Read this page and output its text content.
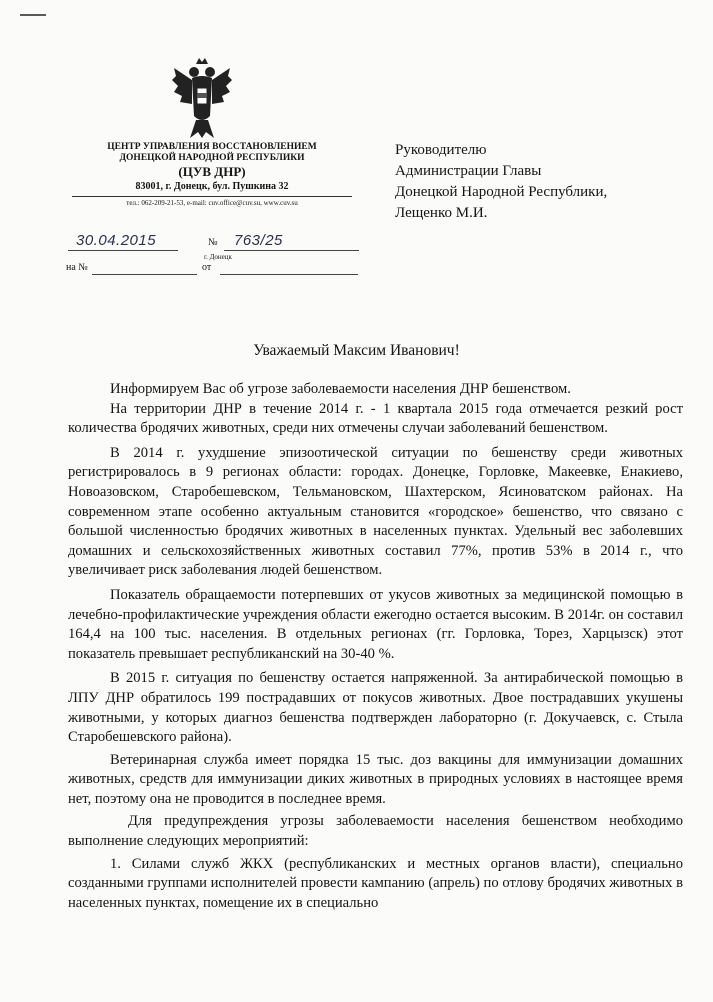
ЦЕНТР УПРАВЛЕНИЯ ВОССТАНОВЛЕНИЕМ
ДОНЕЦКОЙ НАРОДНОЙ РЕСПУБЛИКИ
(ЦУВ ДНР)
83001, г. Донецк, бул. Пушкина 32
тел.: 062-209-21-53, e-mail: cuv.office@cuv.su, www.cuv.su
30.04.2015	№ 763/25
г. Донецк
на №	от
Руководителю
Администрации Главы
Донецкой Народной Республики,
Лещенко М.И.
Уважаемый Максим Иванович!

Информируем Вас об угрозе заболеваемости населения ДНР бешенством.

На территории ДНР в течение 2014 г. - 1 квартала 2015 года отмечается резкий рост количества бродячих животных, среди них отмечены случаи заболеваний бешенством.

В 2014 г. ухудшение эпизоотической ситуации по бешенству среди животных регистрировалось в 9 регионах области: городах. Донецке, Горловке, Макеевке, Енакиево, Новоазовском, Старобешевском, Тельмановском, Шахтерском, Ясиноватском районах. На современном этапе особенно актуальным становится «городское» бешенство, что связано с большой численностью бродячих животных в населенных пунктах. Удельный вес заболевших домашних и сельскохозяйственных животных составил 77%, против 53% в 2014 г., что увеличивает риск заболевания людей бешенством.

Показатель обращаемости потерпевших от укусов животных за медицинской помощью в лечебно-профилактические учреждения области ежегодно остается высоким. В 2014г. он составил 164,4 на 100 тыс. населения. В отдельных регионах (гг. Горловка, Торез, Харцызск) этот показатель превышает республиканский на 30-40 %.

В 2015 г. ситуация по бешенству остается напряженной. За антирабической помощью в ЛПУ ДНР обратилось 199 пострадавших от покусов животных. Двое пострадавших укушены животными, у которых диагноз бешенства подтвержден лабораторно (г. Докучаевск, с. Стыла Старобешевского района).

Ветеринарная служба имеет порядка 15 тыс. доз вакцины для иммунизации домашних животных, средств для иммунизации диких животных в природных условиях в настоящее время нет, поэтому она не проводится в последнее время.

Для предупреждения угрозы заболеваемости населения бешенством необходимо выполнение следующих мероприятий:

1. Силами служб ЖКХ (республиканских и местных органов власти), специально созданными группами исполнителей провести кампанию (апрель) по отлову бродячих животных в населенных пунктах, помещение их в специально
